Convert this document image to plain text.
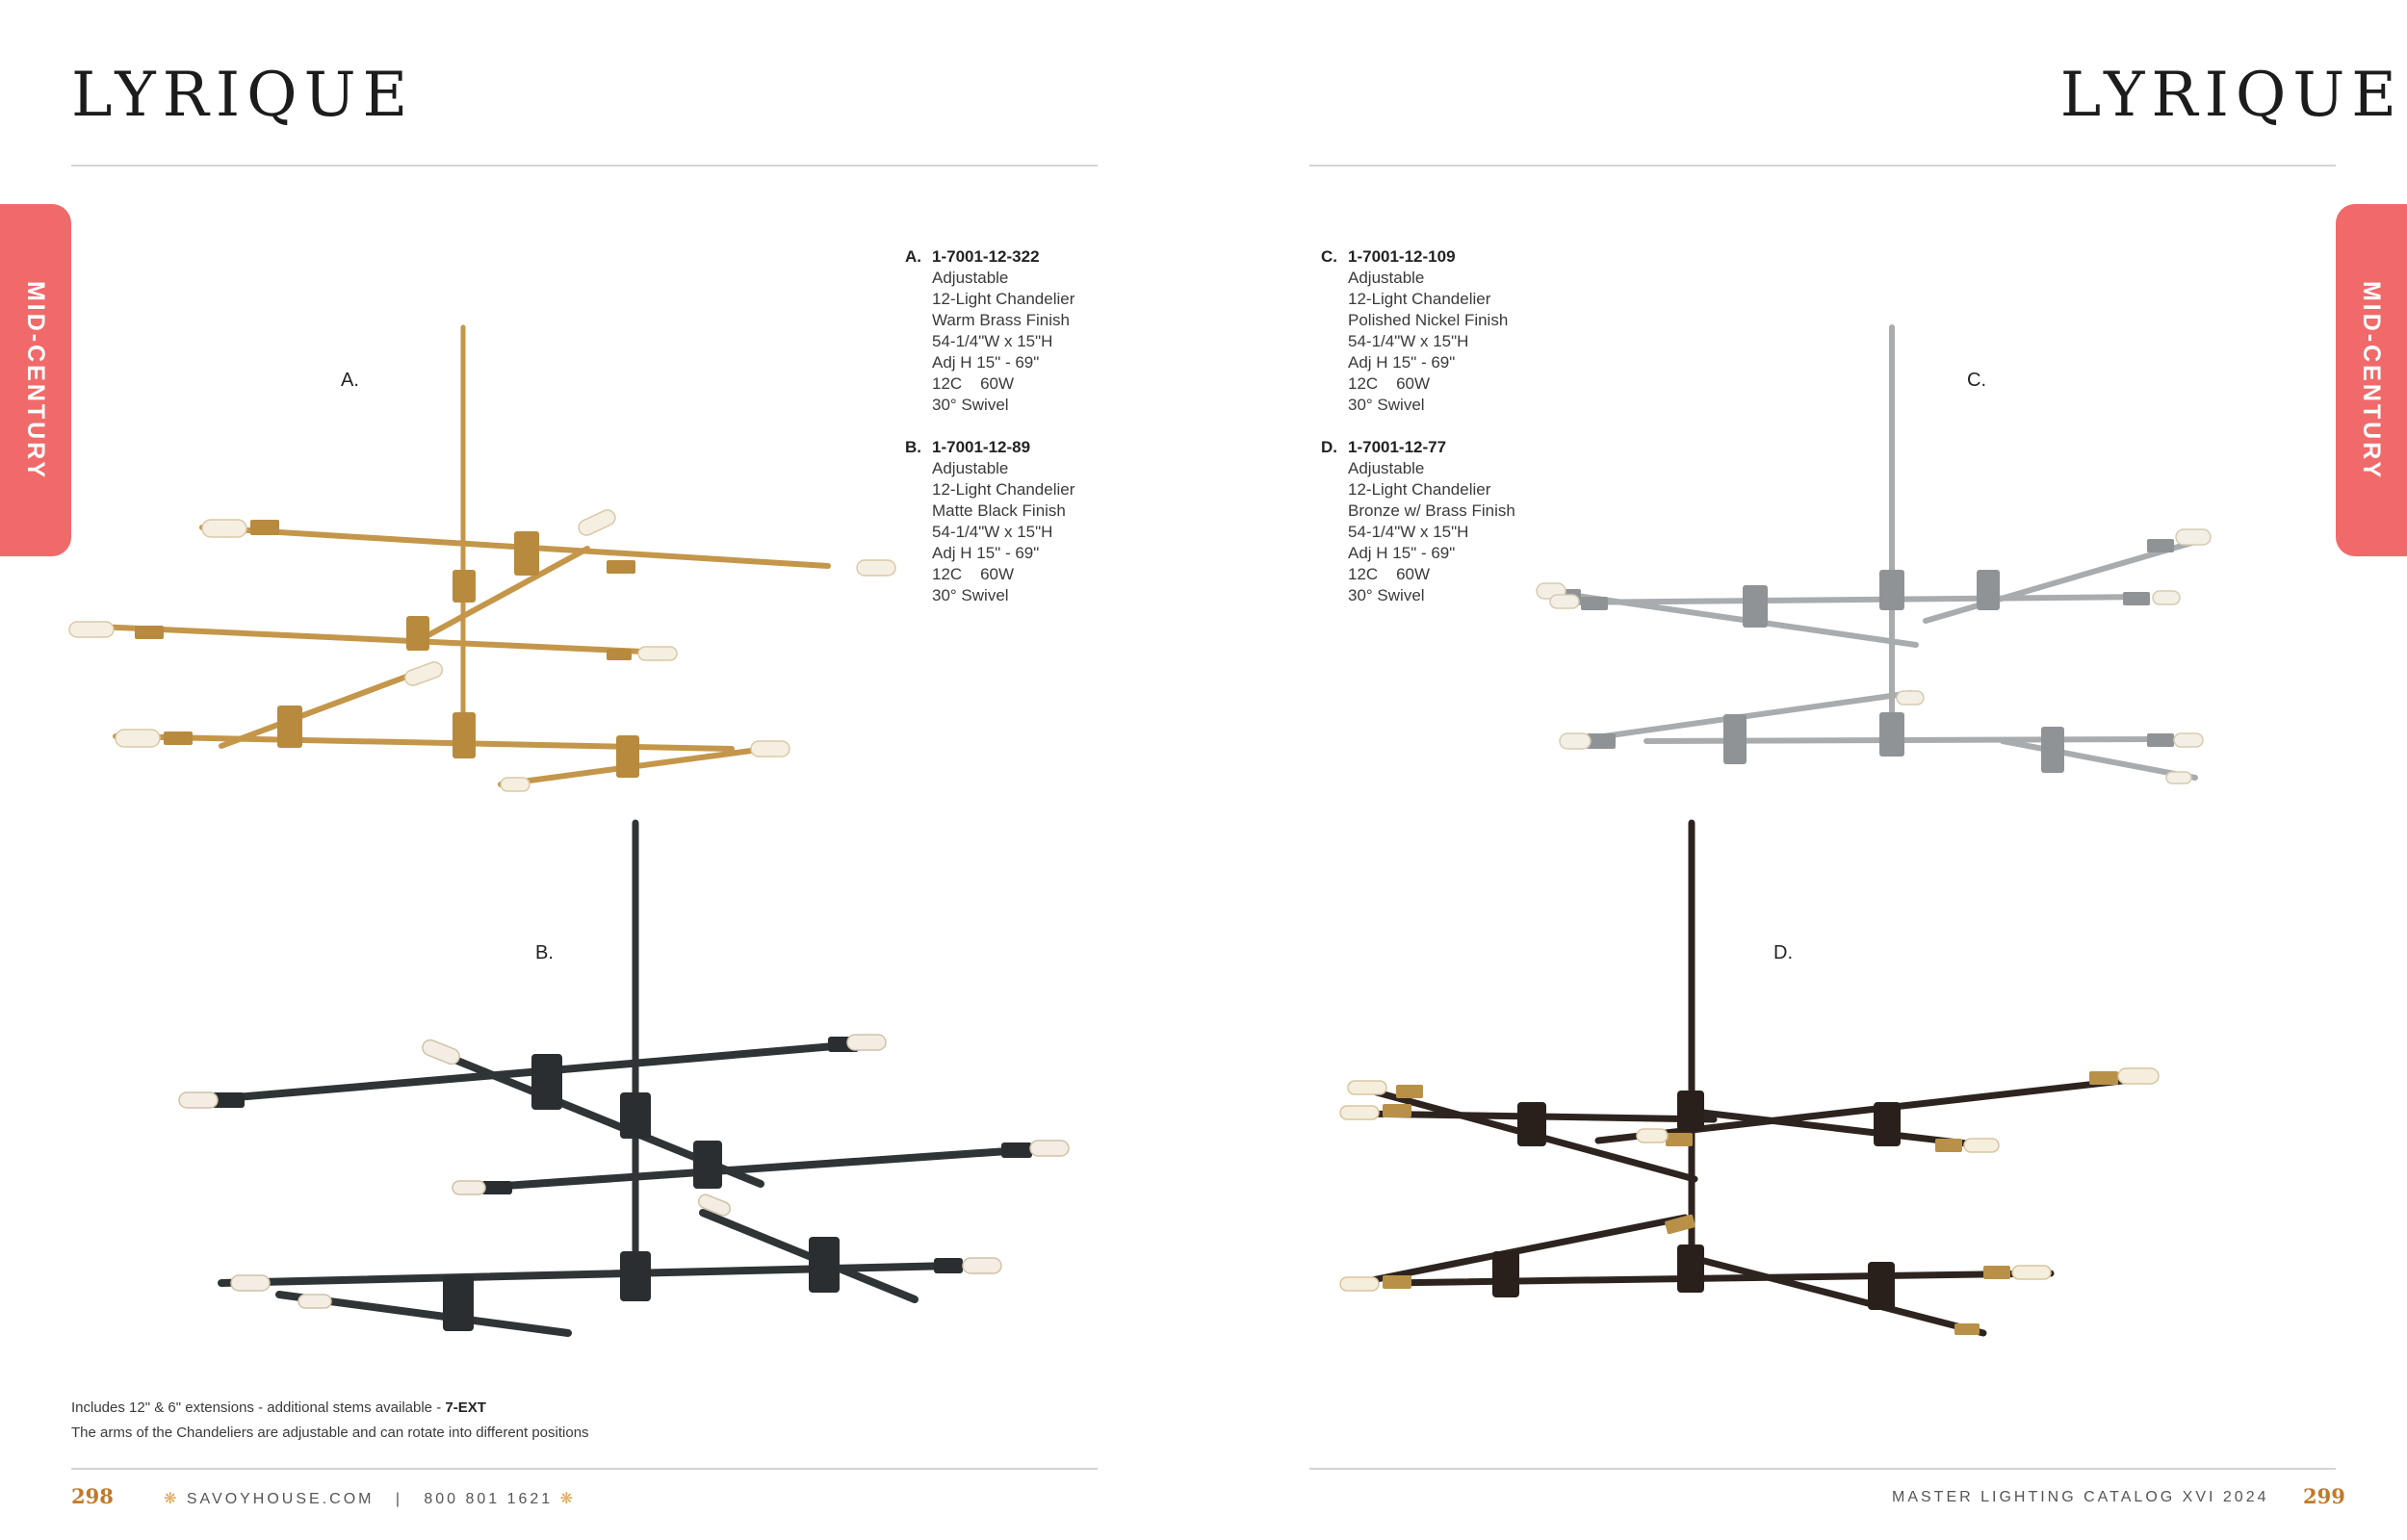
LYRIQUE
MID-CENTURY
A. 1-7001-12-322
Adjustable
12-Light Chandelier
Warm Brass Finish
54-1/4"W x 15"H
Adj H 15" - 69"
12C    60W
30° Swivel
B. 1-7001-12-89
Adjustable
12-Light Chandelier
Matte Black Finish
54-1/4"W x 15"H
Adj H 15" - 69"
12C    60W
30° Swivel
A.
B.
Includes 12" & 6" extensions - additional stems available - 7-EXT
The arms of the Chandeliers are adjustable and can rotate into different positions
298	❋ SAVOYHOUSE.COM | 800 801 1621 ❋
LYRIQUE
MID-CENTURY
C. 1-7001-12-109
Adjustable
12-Light Chandelier
Polished Nickel Finish
54-1/4"W x 15"H
Adj H 15" - 69"
12C    60W
30° Swivel
D. 1-7001-12-77
Adjustable
12-Light Chandelier
Bronze w/ Brass Finish
54-1/4"W x 15"H
Adj H 15" - 69"
12C    60W
30° Swivel
C.
D.
MASTER LIGHTING CATALOG XVI 2024 299
